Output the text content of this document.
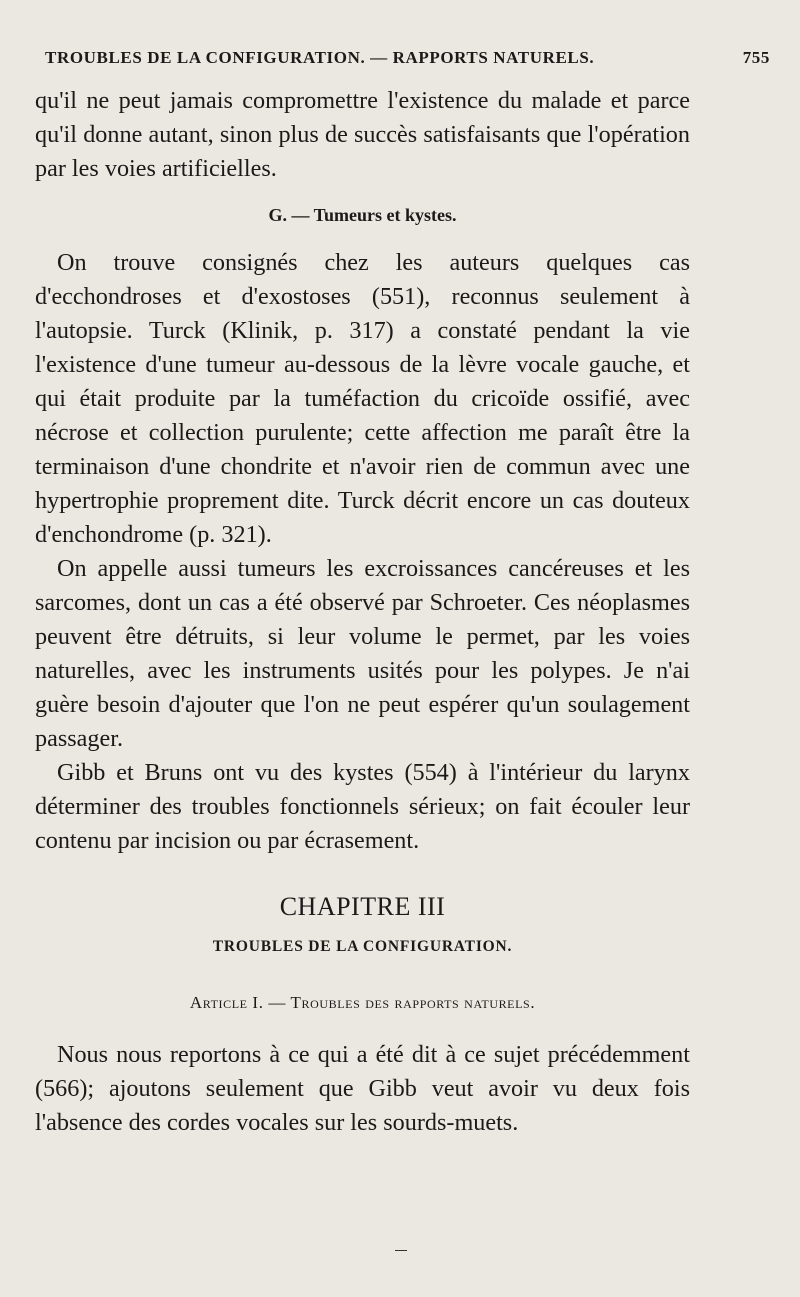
TROUBLES DE LA CONFIGURATION. — RAPPORTS NATURELS.	755

qu'il ne peut jamais compromettre l'existence du malade et parce qu'il donne autant, sinon plus de succès satisfaisants que l'opération par les voies artificielles.

G. — Tumeurs et kystes.

On trouve consignés chez les auteurs quelques cas d'ecchondroses et d'exostoses (551), reconnus seulement à l'autopsie. Turck (Klinik, p. 317) a constaté pendant la vie l'existence d'une tumeur au-dessous de la lèvre vocale gauche, et qui était produite par la tuméfaction du cricoïde ossifié, avec nécrose et collection purulente; cette affection me paraît être la terminaison d'une chondrite et n'avoir rien de commun avec une hypertrophie proprement dite. Turck décrit encore un cas douteux d'enchondrome (p. 321).

On appelle aussi tumeurs les excroissances cancéreuses et les sarcomes, dont un cas a été observé par Schroeter. Ces néoplasmes peuvent être détruits, si leur volume le permet, par les voies naturelles, avec les instruments usités pour les polypes. Je n'ai guère besoin d'ajouter que l'on ne peut espérer qu'un soulagement passager.

Gibb et Bruns ont vu des kystes (554) à l'intérieur du larynx déterminer des troubles fonctionnels sérieux; on fait écouler leur contenu par incision ou par écrasement.

CHAPITRE III
TROUBLES DE LA CONFIGURATION.
Article I. — Troubles des rapports naturels.

Nous nous reportons à ce qui a été dit à ce sujet précédemment (566); ajoutons seulement que Gibb veut avoir vu deux fois l'absence des cordes vocales sur les sourds-muets.
